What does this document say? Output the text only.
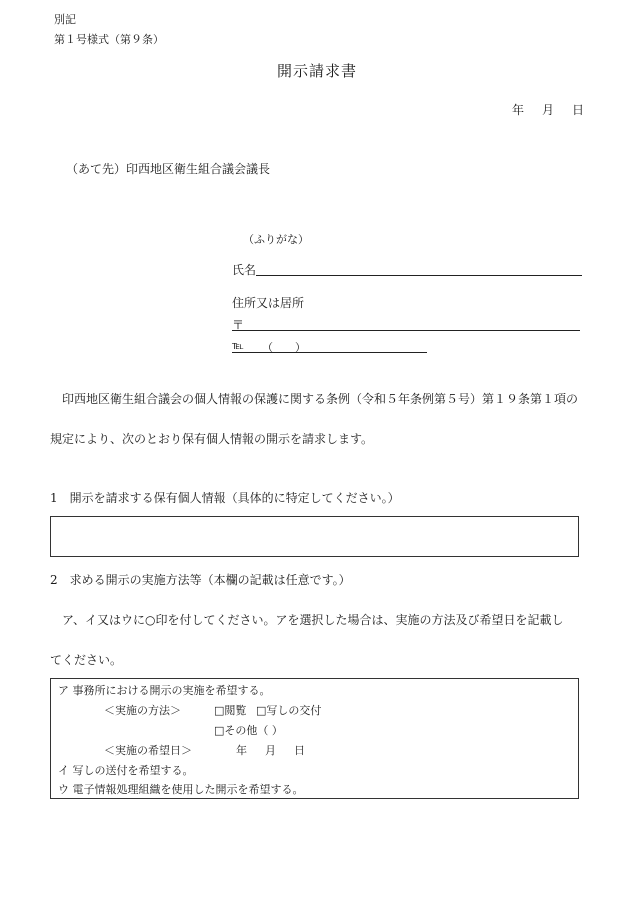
別記
第１号様式（第９条）
開示請求書
年 月 日
（あて先）印西地区衛生組合議会議長
（ふりがな）
氏名
住所又は居所
〒
℡ （　　）
印西地区衛生組合議会の個人情報の保護に関する条例（令和５年条例第５号）第１９条第１項の
規定により、次のとおり保有個人情報の開示を請求します。
1　開示を請求する保有個人情報（具体的に特定してください。）
2　求める開示の実施方法等（本欄の記載は任意です。）
ア、イ又はウに○印を付してください。アを選択した場合は、実施の方法及び希望日を記載し
てください。
ア 事務所における開示の実施を希望する。
＜実施の方法＞	□閲覧 □写しの交付
□その他（ ）
＜実施の希望日＞	年 月 日
イ 写しの送付を希望する。
ウ 電子情報処理組織を使用した開示を希望する。
